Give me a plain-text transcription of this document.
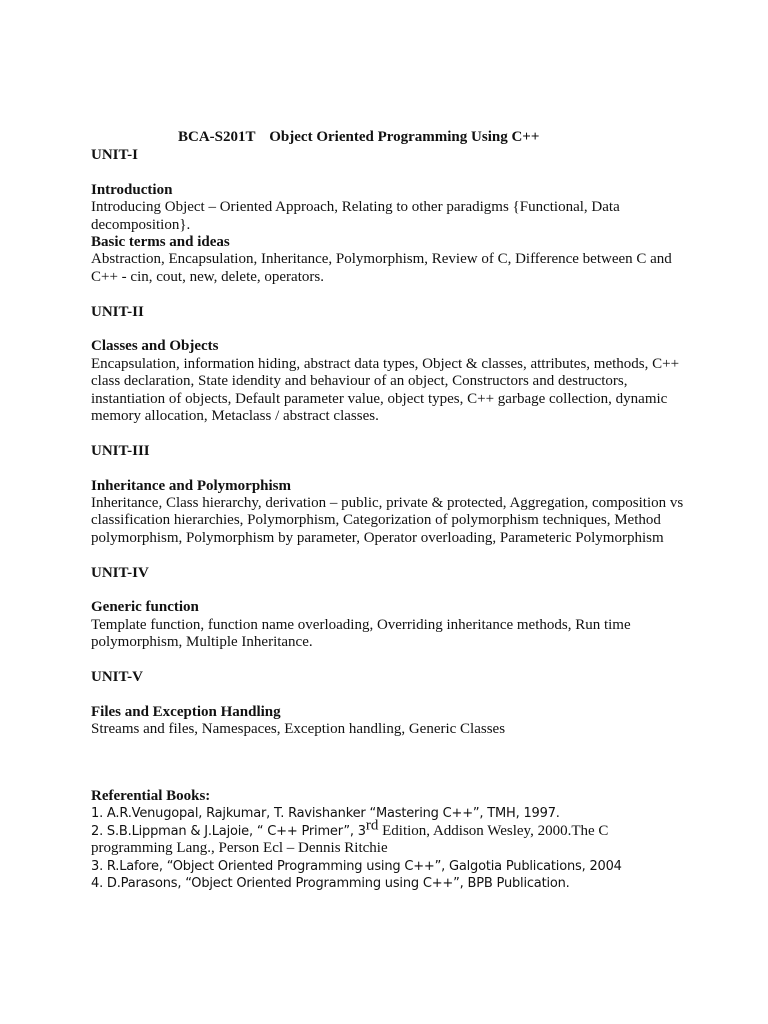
BCA-S201T Object Oriented Programming Using C++

UNIT-I

Introduction

Introducing Object – Oriented Approach, Relating to other paradigms {Functional, Data decomposition}.

Basic terms and ideas

Abstraction, Encapsulation, Inheritance, Polymorphism, Review of C, Difference between C and C++ - cin, cout, new, delete, operators.

UNIT-II

Classes and Objects

Encapsulation, information hiding, abstract data types, Object & classes, attributes, methods, C++ class declaration, State idendity and behaviour of an object, Constructors and destructors, instantiation of objects, Default parameter value, object types, C++ garbage collection, dynamic memory allocation, Metaclass / abstract classes.

UNIT-III

Inheritance and Polymorphism

Inheritance, Class hierarchy, derivation – public, private & protected, Aggregation, composition vs classification hierarchies, Polymorphism, Categorization of polymorphism techniques, Method polymorphism, Polymorphism by parameter, Operator overloading, Parameteric Polymorphism

UNIT-IV

Generic function

Template function, function name overloading, Overriding inheritance methods, Run time polymorphism, Multiple Inheritance.

UNIT-V

Files and Exception Handling

Streams and files, Namespaces, Exception handling, Generic Classes

Referential Books:

1. A.R.Venugopal, Rajkumar, T. Ravishanker “Mastering C++”, TMH, 1997.
2. S.B.Lippman & J.Lajoie, “ C++ Primer”, 3rd Edition, Addison Wesley, 2000.The C
programming Lang., Person Ecl – Dennis Ritchie
3. R.Lafore, “Object Oriented Programming using C++”, Galgotia Publications, 2004
4. D.Parasons, “Object Oriented Programming using C++”, BPB Publication.
